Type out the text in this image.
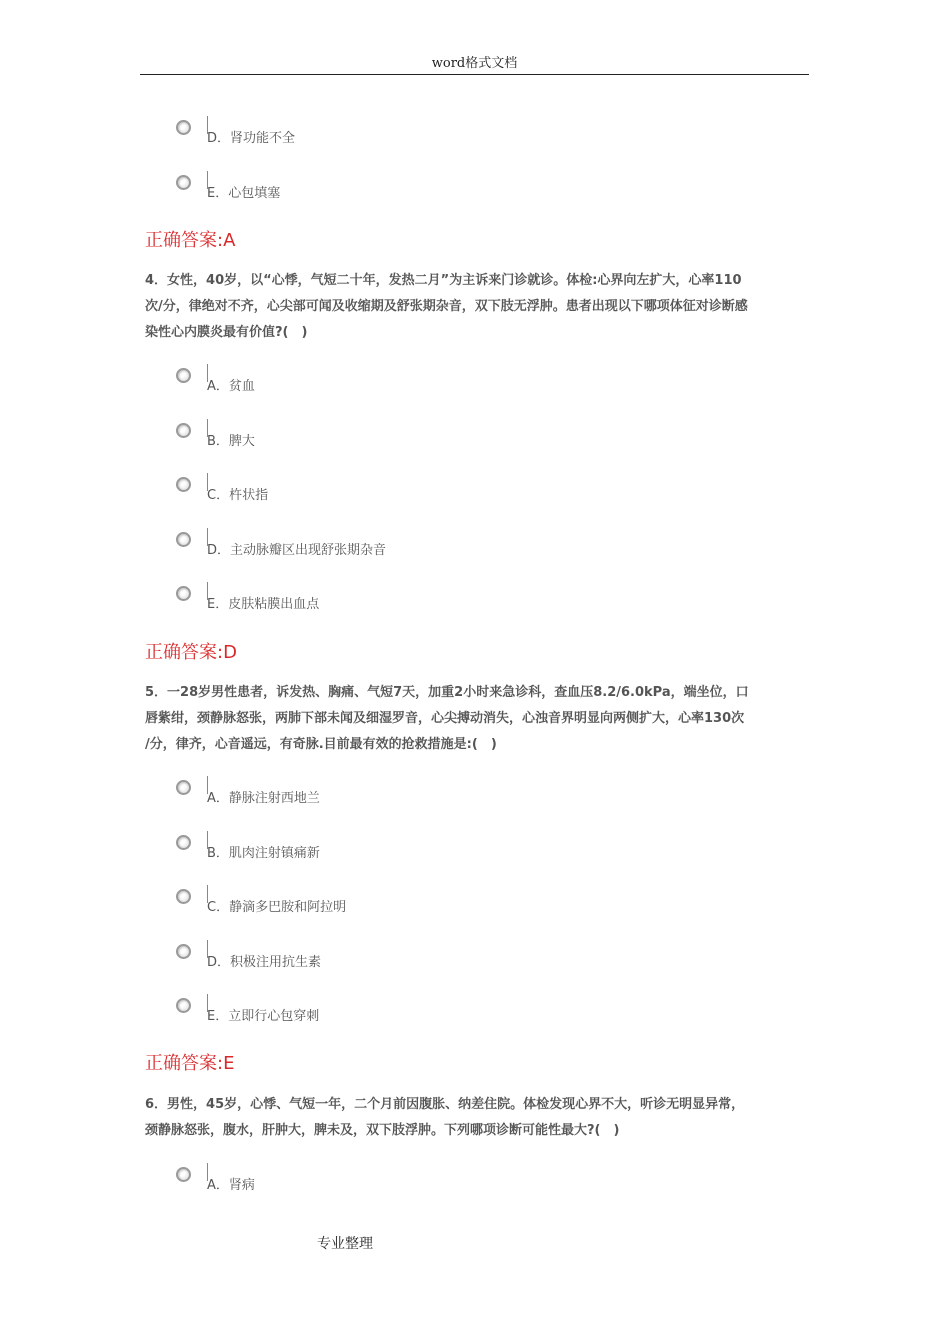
word格式文档
D．肾功能不全
E．心包填塞
正确答案:A
4．女性，40岁，以“心悸，气短二十年，发热二月”为主诉来门诊就诊。体检:心界向左扩大，心率110
次/分，律绝对不齐，心尖部可闻及收缩期及舒张期杂音，双下肢无浮肿。患者出现以下哪项体征对诊断感
染性心内膜炎最有价值?(　)
A．贫血
B．脾大
C．杵状指
D．主动脉瓣区出现舒张期杂音
E．皮肤粘膜出血点
正确答案:D
5．一28岁男性患者，诉发热、胸痛、气短7天，加重2小时来急诊科，查血压8.2/6.0kPa，端坐位，口
唇紫绀，颈静脉怒张，两肺下部未闻及细湿罗音，心尖搏动消失，心浊音界明显向两侧扩大，心率130次
/分，律齐，心音遥远，有奇脉.目前最有效的抢救措施是:(　)
A．静脉注射西地兰
B．肌肉注射镇痛新
C．静滴多巴胺和阿拉明
D．积极注用抗生素
E．立即行心包穿刺
正确答案:E
6．男性，45岁，心悸、气短一年，二个月前因腹胀、纳差住院。体检发现心界不大，听诊无明显异常，
颈静脉怒张，腹水，肝肿大，脾未及，双下肢浮肿。下列哪项诊断可能性最大?(　)
A．肾病
专业整理
